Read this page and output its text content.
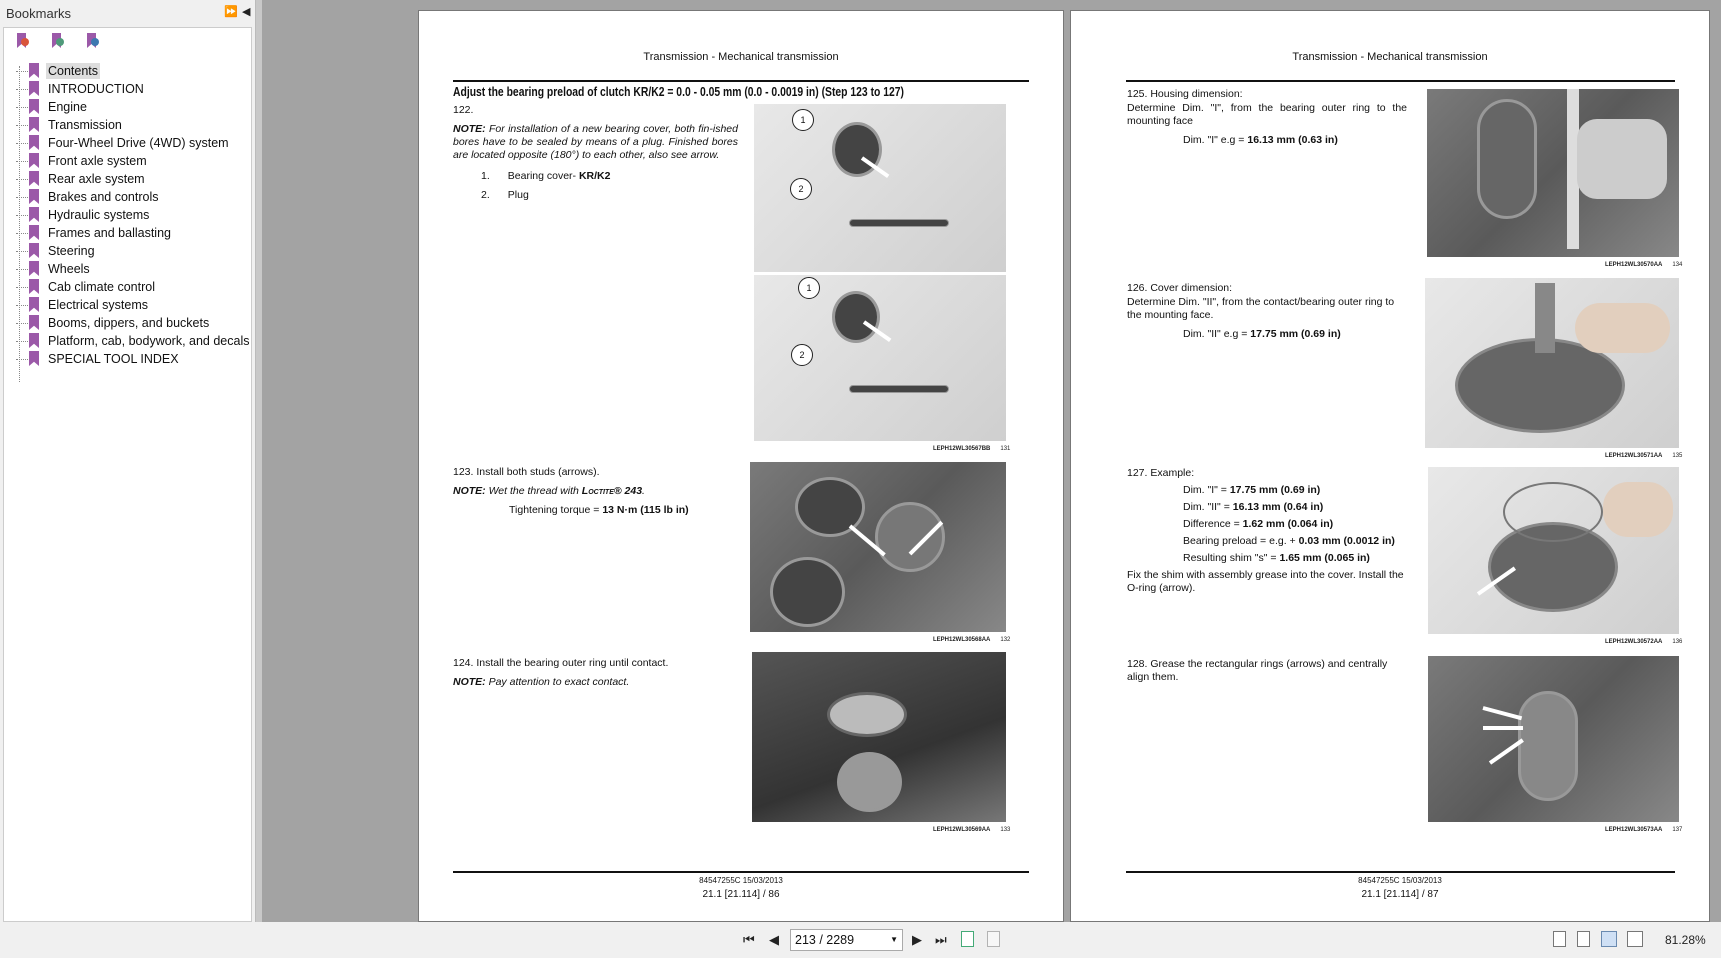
Bookmarks	⏩ ◀
Contents
INTRODUCTION
Engine
Transmission
Four-Wheel Drive (4WD) system
Front axle system
Rear axle system
Brakes and controls
Hydraulic systems
Frames and ballasting
Steering
Wheels
Cab climate control
Electrical systems
Booms, dippers, and buckets
Platform, cab, bodywork, and decals
SPECIAL TOOL INDEX
Transmission - Mechanical transmission
Adjust the bearing preload of clutch KR/K2 = 0.0 - 0.05 mm (0.0 - 0.0019 in) (Step 123 to 127)
122.
NOTE: For installation of a new bearing cover, both fin-ished bores have to be sealed by means of a plug. Finished bores are located opposite (180°) to each other, also see arrow.
1. Bearing cover- KR/K2
2. Plug
1
2
1
2
LEPH12WL30567BB 131
123. Install both studs (arrows).
NOTE: Wet the thread with Loctite® 243.
Tightening torque = 13 N·m (115 lb in)
LEPH12WL30568AA 132
124. Install the bearing outer ring until contact.
NOTE: Pay attention to exact contact.
LEPH12WL30569AA 133
84547255C 15/03/2013
21.1 [21.114] / 86
Transmission - Mechanical transmission
125. Housing dimension:
Determine Dim. "I", from the bearing outer ring to the mounting face
Dim. "I" e.g = 16.13 mm (0.63 in)
LEPH12WL30570AA 134
126. Cover dimension:
Determine Dim. "II", from the contact/bearing outer ring to the mounting face.
Dim. "II" e.g = 17.75 mm (0.69 in)
LEPH12WL30571AA 135
127. Example:
Dim. "I" = 17.75 mm (0.69 in)
Dim. "II" = 16.13 mm (0.64 in)
Difference = 1.62 mm (0.064 in)
Bearing preload = e.g. + 0.03 mm (0.0012 in)
Resulting shim "s" = 1.65 mm (0.065 in)
Fix the shim with assembly grease into the cover. Install the O-ring (arrow).
LEPH12WL30572AA 136
128. Grease the rectangular rings (arrows) and centrally align them.
LEPH12WL30573AA 137
84547255C 15/03/2013
21.1 [21.114] / 87
⏮ ◀	213 / 2289	▼ ▶ ⏭	81.28%
